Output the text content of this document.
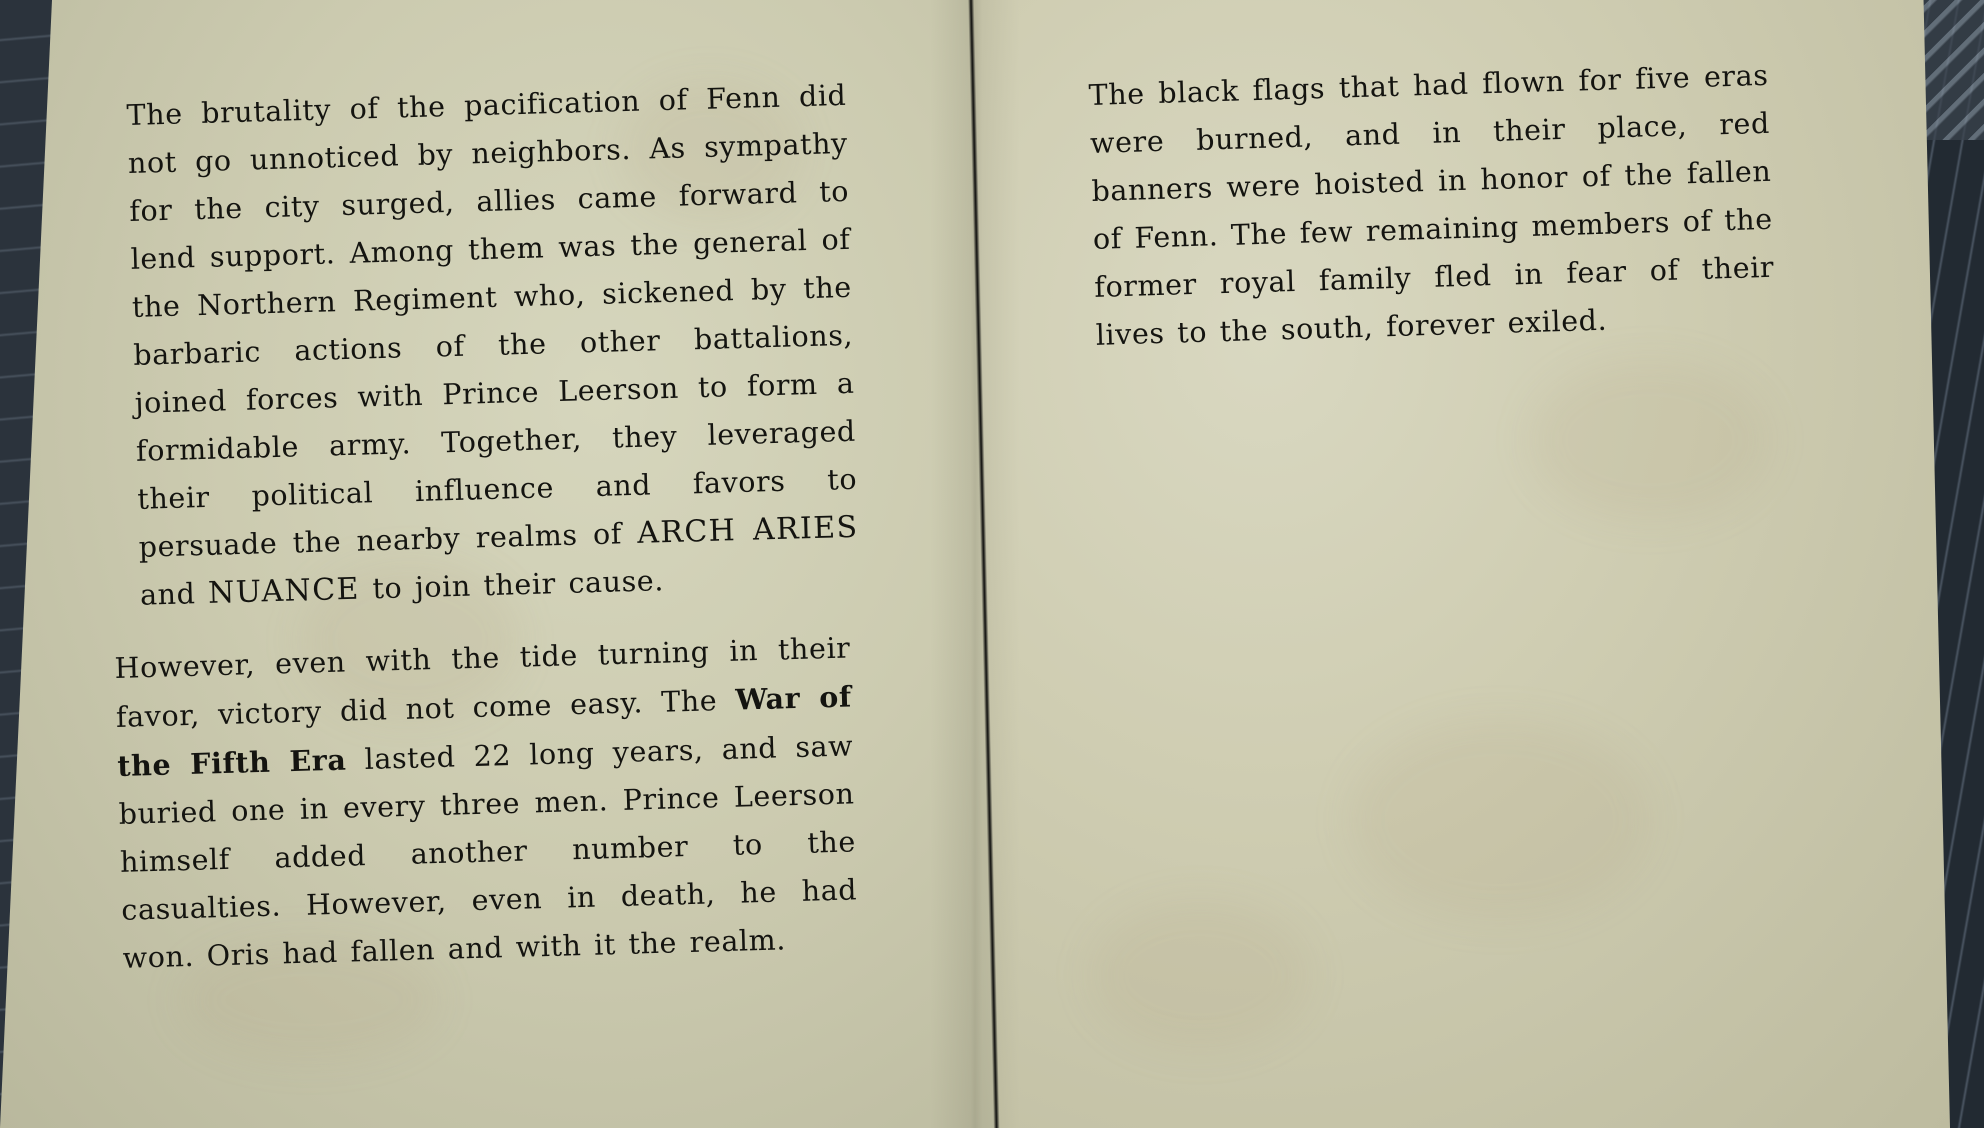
The brutality of the pacification of Fenn did not go unnoticed by neighbors. As sympathy for the city surged, allies came forward to lend support. Among them was the general of the Northern Regiment who, sickened by the barbaric actions of the other battalions, joined forces with Prince Leerson to form a formidable army. Together, they leveraged their political influence and favors to persuade the nearby realms of ARCH ARIES and NUANCE to join their cause.

However, even with the tide turning in their favor, victory did not come easy. The War of the Fifth Era lasted 22 long years, and saw buried one in every three men. Prince Leerson himself added another number to the casualties. However, even in death, he had won. Oris had fallen and with it the realm.

The black flags that had flown for five eras were burned, and in their place, red banners were hoisted in honor of the fallen of Fenn. The few remaining members of the former royal family fled in fear of their lives to the south, forever exiled.
